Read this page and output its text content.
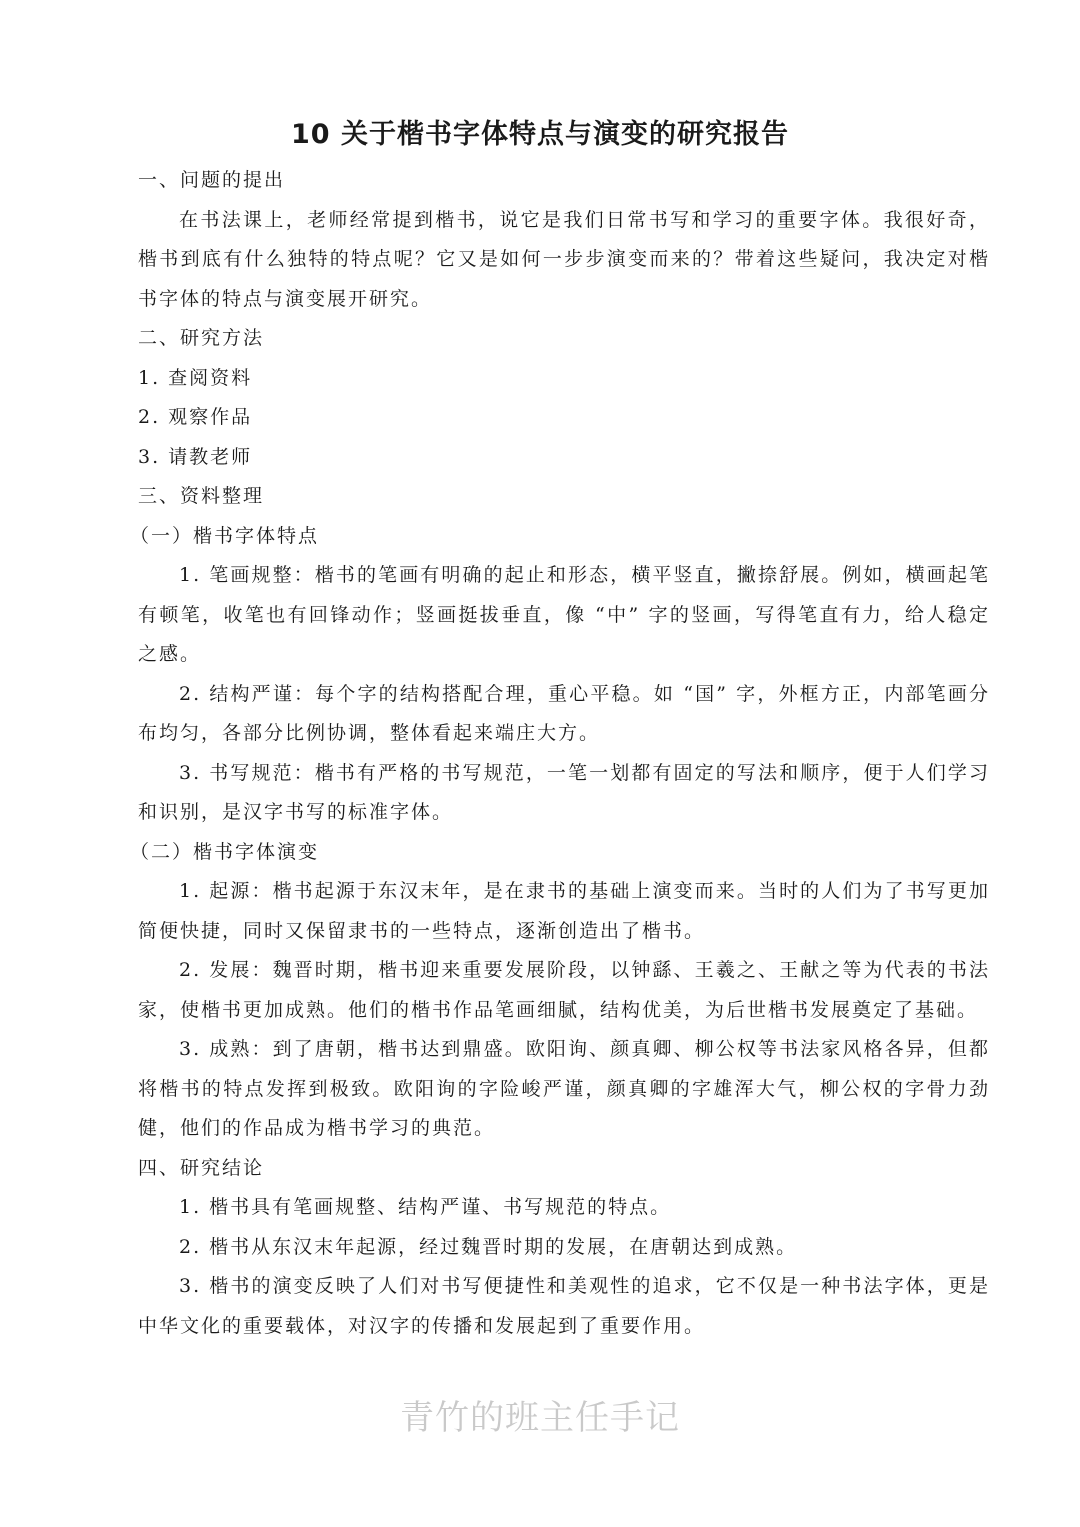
10 关于楷书字体特点与演变的研究报告

一、问题的提出

在书法课上，老师经常提到楷书，说它是我们日常书写和学习的重要字体。我很好奇，楷书到底有什么独特的特点呢？它又是如何一步步演变而来的？带着这些疑问，我决定对楷书字体的特点与演变展开研究。

二、研究方法

1. 查阅资料

2. 观察作品

3. 请教老师

三、资料整理

（一）楷书字体特点

1. 笔画规整：楷书的笔画有明确的起止和形态，横平竖直，撇捺舒展。例如，横画起笔有顿笔，收笔也有回锋动作；竖画挺拔垂直，像 “中” 字的竖画，写得笔直有力，给人稳定之感。

2. 结构严谨：每个字的结构搭配合理，重心平稳。如 “国” 字，外框方正，内部笔画分布均匀，各部分比例协调，整体看起来端庄大方。

3. 书写规范：楷书有严格的书写规范，一笔一划都有固定的写法和顺序，便于人们学习和识别，是汉字书写的标准字体。

（二）楷书字体演变

1. 起源：楷书起源于东汉末年，是在隶书的基础上演变而来。当时的人们为了书写更加简便快捷，同时又保留隶书的一些特点，逐渐创造出了楷书。

2. 发展：魏晋时期，楷书迎来重要发展阶段，以钟繇、王羲之、王献之等为代表的书法家，使楷书更加成熟。他们的楷书作品笔画细腻，结构优美，为后世楷书发展奠定了基础。

3. 成熟：到了唐朝，楷书达到鼎盛。欧阳询、颜真卿、柳公权等书法家风格各异，但都将楷书的特点发挥到极致。欧阳询的字险峻严谨，颜真卿的字雄浑大气，柳公权的字骨力劲健，他们的作品成为楷书学习的典范。

四、研究结论

1. 楷书具有笔画规整、结构严谨、书写规范的特点。

2. 楷书从东汉末年起源，经过魏晋时期的发展，在唐朝达到成熟。

3. 楷书的演变反映了人们对书写便捷性和美观性的追求，它不仅是一种书法字体，更是中华文化的重要载体，对汉字的传播和发展起到了重要作用。

青竹的班主任手记
